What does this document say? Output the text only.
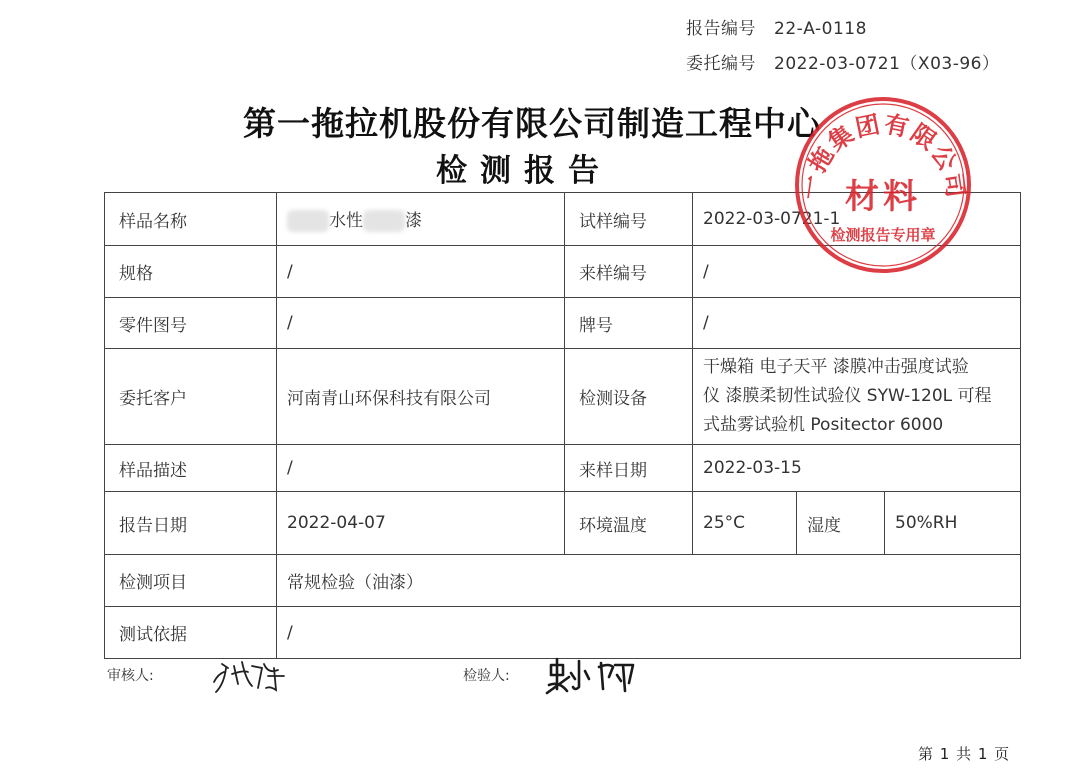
报告编号 22-A-0118
委托编号 2022-03-0721（X03-96）
第一拖拉机股份有限公司制造工程中心
检测报告
样品名称	水性 漆	试样编号	2022-03-0721-1		
规格	/	来样编号	/		
零件图号	/	牌号	/		
委托客户	河南青山环保科技有限公司	检测设备	干燥箱 电子天平 漆膜冲击强度试验
仪 漆膜柔韧性试验仪 SYW-120L 可程
式盐雾试验机 Positector 6000		

样品描述	/	来样日期	2022-03-15		
报告日期	2022-04-07	环境温度	25°C	湿度	50%RH
检测项目	常规检验（油漆）				
测试依据	/				
审核人:	检验人:
第 1 共 1 页
一拖集团有限公司
材料
检测报告专用章
